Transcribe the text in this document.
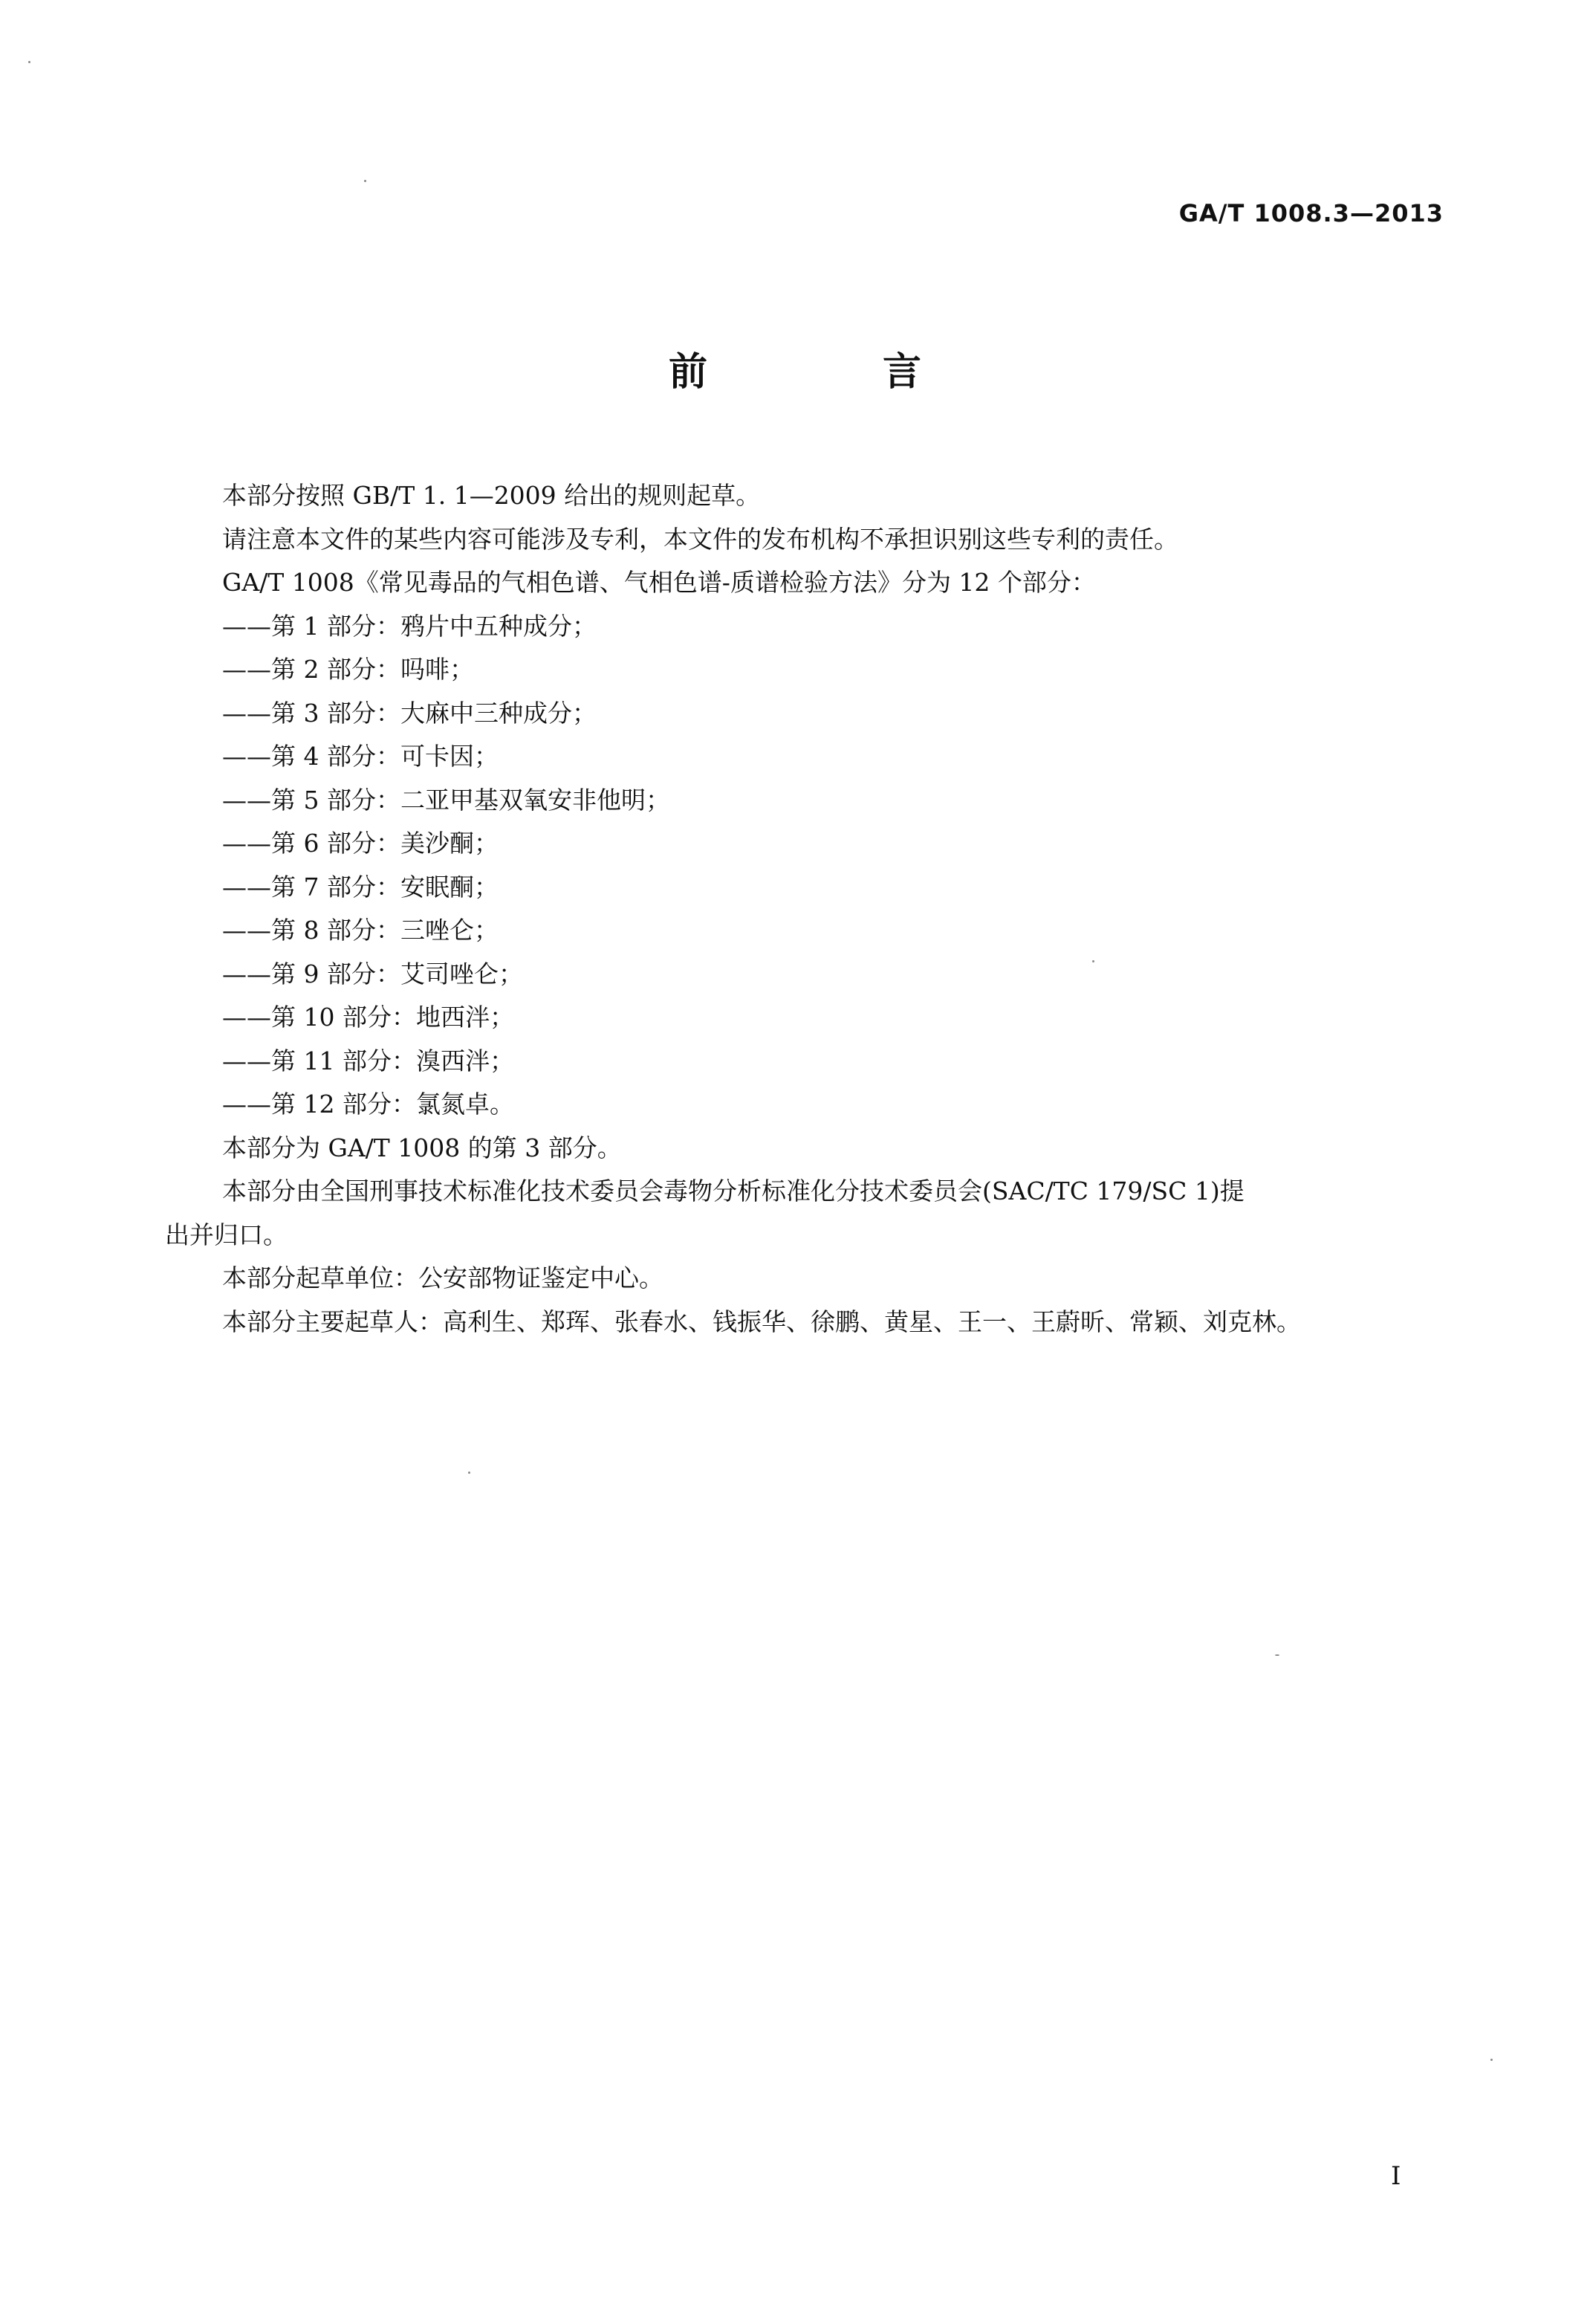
GA/T 1008.3—2013
前　言

本部分按照 GB/T 1. 1—2009 给出的规则起草。

请注意本文件的某些内容可能涉及专利，本文件的发布机构不承担识别这些专利的责任。

GA/T 1008《常见毒品的气相色谱、气相色谱-质谱检验方法》分为 12 个部分：

——第 1 部分：鸦片中五种成分；

——第 2 部分：吗啡；

——第 3 部分：大麻中三种成分；

——第 4 部分：可卡因；

——第 5 部分：二亚甲基双氧安非他明；

——第 6 部分：美沙酮；

——第 7 部分：安眠酮；

——第 8 部分：三唑仑；

——第 9 部分：艾司唑仑；

——第 10 部分：地西泮；

——第 11 部分：溴西泮；

——第 12 部分：氯氮卓。

本部分为 GA/T 1008 的第 3 部分。

本部分由全国刑事技术标准化技术委员会毒物分析标准化分技术委员会(SAC/TC 179/SC 1)提

出并归口。

本部分起草单位：公安部物证鉴定中心。

本部分主要起草人：高利生、郑珲、张春水、钱振华、徐鹏、黄星、王一、王蔚昕、常颖、刘克林。

I
